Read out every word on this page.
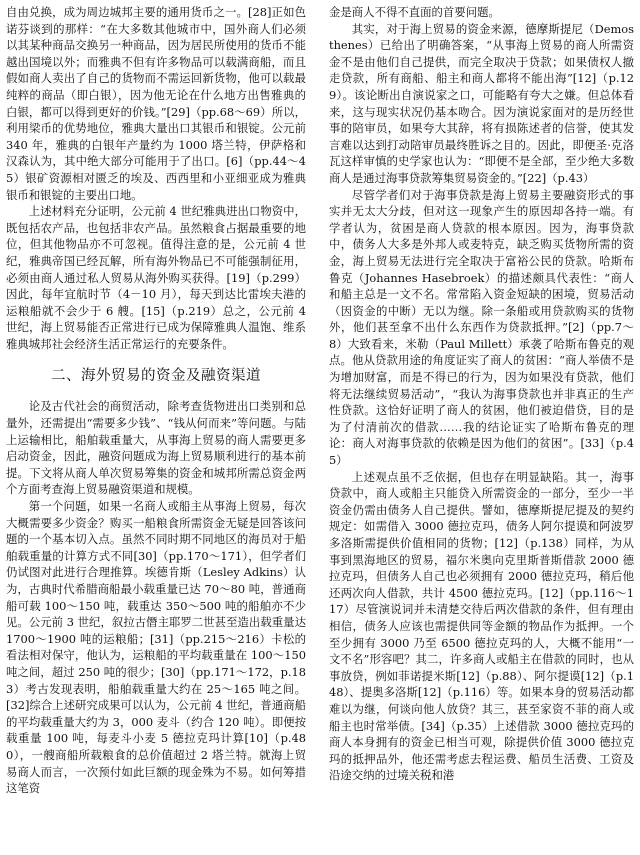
自由兑换，成为周边城邦主要的通用货币之一。[28]正如色诺芬谈到的那样：“在大多数其他城市中，国外商人们必须以其某种商品交换另一种商品，因为居民所使用的货币不能越出国境以外；而雅典不但有许多物品可以载满商船，而且假如商人卖出了自己的货物而不需运回新货物，他可以载最纯粹的商品（即白银），因为他无论在什么地方出售雅典的白银，都可以得到更好的价钱。”[29]（pp.68～69）所以，利用梁币的优势地位，雅典大量出口其银币和银锭。公元前 340 年，雅典的白银年产量约为 1000 塔兰特，伊萨格和汉森认为，其中绝大部分可能用于了出口。[6]（pp.44～45）银矿资源相对匮乏的埃及、西西里和小亚细亚成为雅典银币和银锭的主要出口地。

上述材料充分证明，公元前 4 世纪雅典进出口物资中，既包括农产品，也包括非农产品。虽然粮食占据最重要的地位，但其他物品亦不可忽视。值得注意的是，公元前 4 世纪，雅典帝国已经瓦解，所有海外物品已不可能强制征用，必须由商人通过私人贸易从海外购买获得。[19]（p.299）因此，每年宜航时节（4－10 月），每天到达比雷埃夫港的运粮船就不会少于 6 艘。[15]（p.219）总之，公元前 4 世纪，海上贸易能否正常进行已成为保障雅典人温饱、维系雅典城邦社会经济生活正常运行的充要条件。

二、海外贸易的资金及融资渠道

论及古代社会的商贸活动，除考查货物进出口类别和总量外，还需提出“需要多少钱”、“钱从何而来”等问题。与陆上运输相比，船舶载重量大，从事海上贸易的商人需要更多启动资金，因此，融资问题成为海上贸易顺利进行的基本前提。下文将从商人单次贸易筹集的资金和城邦所需总资金两个方面考查海上贸易融资渠道和规模。

第一个问题，如果一名商人或船主从事海上贸易，每次大概需要多少资金？购买一船粮食所需资金无疑是回答该问题的一个基本切入点。虽然不同时期不同地区的海员对于船舶载重量的计算方式不同[30]（pp.170～171），但学者们仍试图对此进行合理推算。埃德肯斯（Lesley Adkins）认为，古典时代希腊商船最小载重量已达 70～80 吨，普通商船可载 100～150 吨，载重达 350～500 吨的船舶亦不少见。公元前 3 世纪，叙拉古僭主耶罗二世甚至造出载重量达 1700～1900 吨的运粮船；[31]（pp.215～216）卡松的看法相对保守，他认为，运粮船的平均载重量在 100～150 吨之间，超过 250 吨的很少；[30]（pp.171～172，p.183）考古发现表明，船舶载重量大约在 25～165 吨之间。[32]综合上述研究成果可以认为，公元前 4 世纪，普通商船的平均载重量大约为 3，000 麦斗（约合 120 吨）。即便按载重量 100 吨，每麦斗小麦 5 德拉克玛计算[10]（p.480），一艘商船所载粮食的总价值超过 2 塔兰特。就海上贸易商人而言，一次预付如此巨额的现金殊为不易。如何筹措这笔资

金是商人不得不直面的首要问题。

其实，对于海上贸易的资金来源，德摩斯提尼（Demosthenes）已给出了明确答案，“从事海上贸易的商人所需资金不是由他们自己提供，而完全取决于贷款；如果债权人撤走贷款，所有商船、船主和商人都将不能出海”[12]（p.129）。该论断出自演说家之口，可能略有夸大之嫌。但总体看来，这与现实状况仍基本吻合。因为演说家面对的是历经世事的陪审员，如果夸大其辞，将有损陈述者的信誉，使其发言难以达到打动陪审员最终胜诉之目的。因此，即便圣·克洛瓦这样审慎的史学家也认为：“即便不是全部，至少绝大多数商人是通过海事贷款筹集贸易资金的。”[22]（p.43）

尽管学者们对于海事贷款是海上贸易主要融资形式的事实并无太大分歧，但对这一现象产生的原因却各持一端。有学者认为，贫困是商人贷款的根本原因。因为，海事贷款中，债务人大多是外邦人或麦特克，缺乏购买货物所需的资金，海上贸易无法进行完全取决于富裕公民的贷款。哈斯布鲁克（Johannes Hasebroek）的描述颇具代表性：“商人和船主总是一文不名。常常陷入资金短缺的困境，贸易活动（因资金的中断）无以为继。除一条船或用贷款购买的货物外，他们甚至拿不出什么东西作为贷款抵押。”[2]（pp.7～8）大致看来，米勒（Paul Millett）承袭了哈斯布鲁克的观点。他从贷款用途的角度证实了商人的贫困：“商人举债不是为增加财富，而是不得已的行为，因为如果没有贷款，他们将无法继续贸易活动”，“我认为海事贷款也并非真正的生产性贷款。这恰好证明了商人的贫困，他们被迫借贷，目的是为了付清前次的借款……我的结论证实了哈斯布鲁克的理论：商人对海事贷款的依赖是因为他们的贫困”。[33]（p.45）

上述观点虽不乏依据，但也存在明显缺陷。其一，海事贷款中，商人或船主只能贷入所需资金的一部分，至少一半资金仍需由债务人自己提供。譬如，德摩斯提尼提及的契约规定：如需借入 3000 德拉克玛，债务人阿尔提谟和阿波罗多洛斯需提供价值相同的货物；[12]（p.138）同样，为从事到黑海地区的贸易，福尔米奥向克里斯普斯借款 2000 德拉克玛，但债务人自己也必须拥有 2000 德拉克玛，稍后他还两次向人借款，共计 4500 德拉克玛。[12]（pp.116～117）尽管演说词并未清楚交待后两次借款的条件，但有理由相信，债务人应该也需提供同等金额的物品作为抵押。一个至少拥有 3000 乃至 6500 德拉克玛的人，大概不能用“一文不名”形容吧？其二，许多商人或船主在借款的同时，也从事放贷，例如菲诺提米斯[12]（p.88）、阿尔提谟[12]（p.148）、提奥多洛斯[12]（p.116）等。如果本身的贸易活动都难以为继，何谈向他人放贷？其三，甚至家资不菲的商人或船主也时常举债。[34]（p.35）上述借款 3000 德拉克玛的商人本身拥有的资金已相当可观，除提供价值 3000 德拉克玛的抵押品外，他还需考虑去程运费、船员生活费、工资及沿途交纳的过境关税和港
